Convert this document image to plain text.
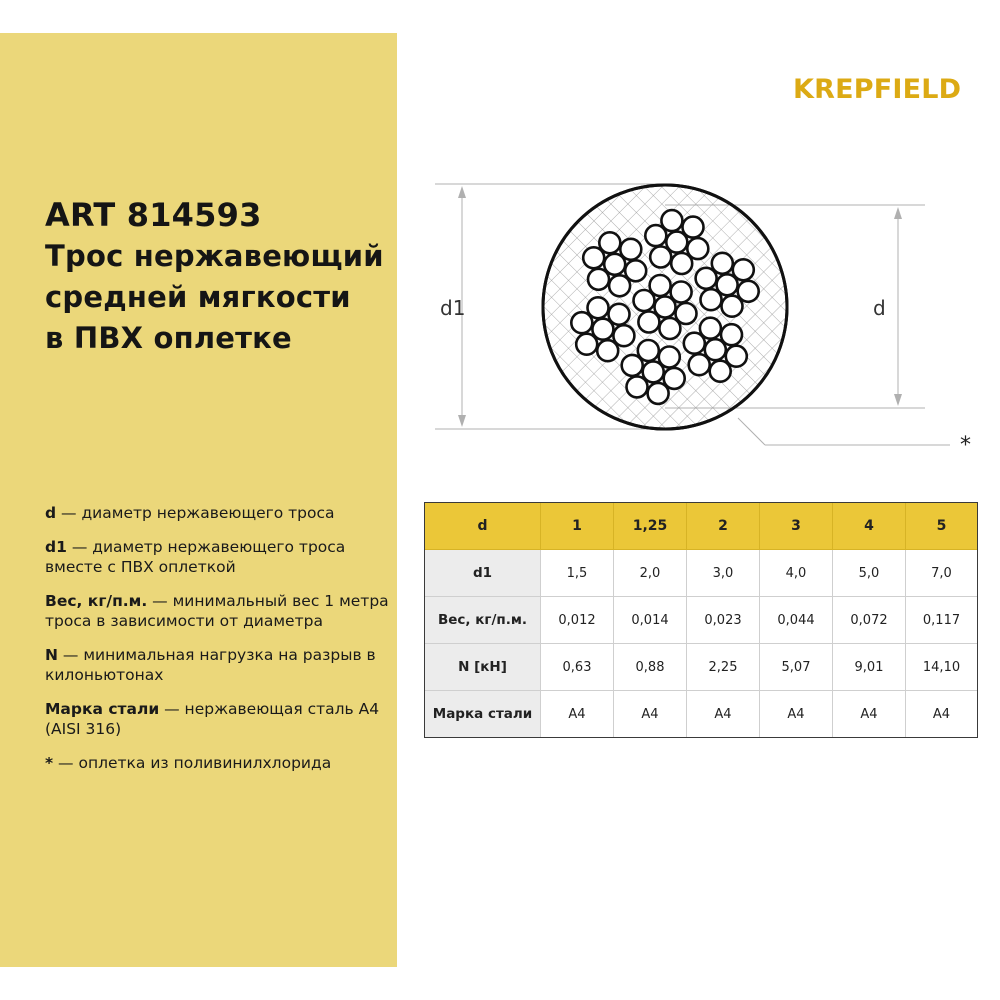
KREPFIELD
ART 814593
Трос нержавеющий
средней мягкости
в ПВХ оплетке
d — диаметр нержавеющего троса
d1 — диаметр нержавеющего троса вместе с ПВХ оплеткой
Вес, кг/п.м. — минимальный вес 1 метра троса в зависимости от диаметра
N — минимальная нагрузка на разрыв в килоньютонах
Марка стали — нержавеющая сталь А4 (AISI 316)
* — оплетка из поливинилхлорида
d1	d
*
d	1	1,25	2	3	4	5
d1	1,5	2,0	3,0	4,0	5,0	7,0
Вес, кг/п.м.	0,012	0,014	0,023	0,044	0,072	0,117
N [кН]	0,63	0,88	2,25	5,07	9,01	14,10
Марка стали	А4	А4	А4	А4	А4	А4
